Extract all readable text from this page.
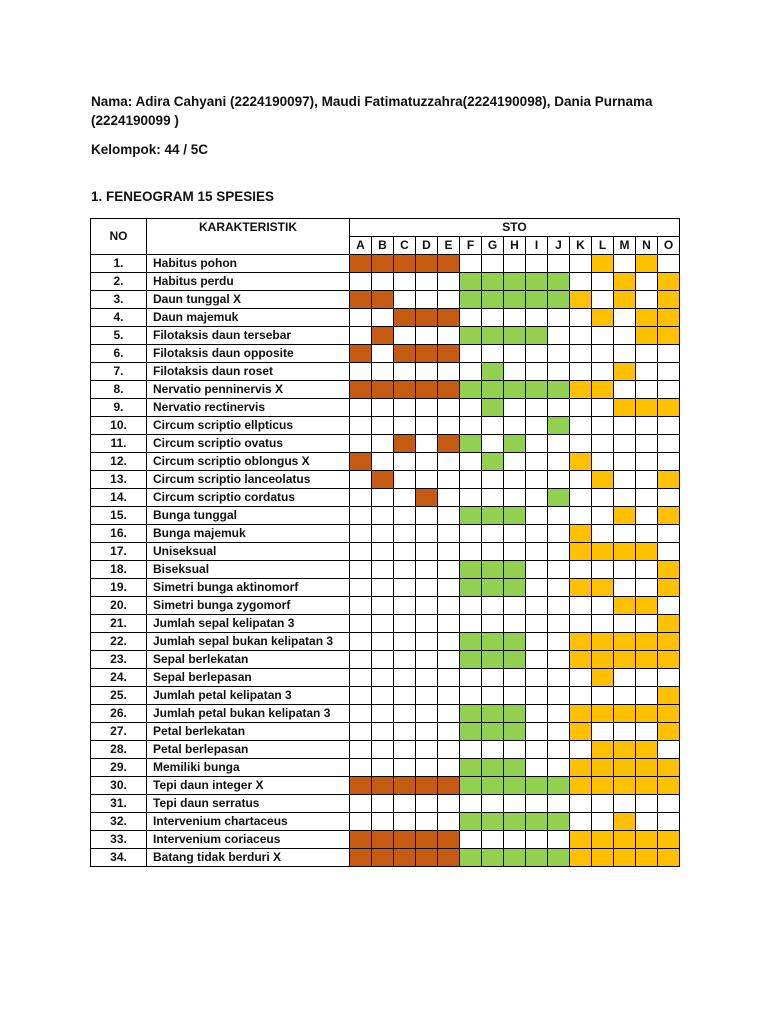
Nama: Adira Cahyani (2224190097), Maudi Fatimatuzzahra(2224190098), Dania Purnama
(2224190099 )
Kelompok: 44 / 5C
1. FENEOGRAM 15 SPESIES
NO	KARAKTERISTIK	STO														
		A	B	C	D	E	F	G	H	I	J	K	L	M	N	O
1.	Habitus pohon															
2.	Habitus perdu															
3.	Daun tunggal X															
4.	Daun majemuk															
5.	Filotaksis daun tersebar															
6.	Filotaksis daun opposite															
7.	Filotaksis daun roset															
8.	Nervatio penninervis X															
9.	Nervatio rectinervis															
10.	Circum scriptio ellpticus															
11.	Circum scriptio ovatus															
12.	Circum scriptio oblongus X															
13.	Circum scriptio lanceolatus															
14.	Circum scriptio cordatus															
15.	Bunga tunggal															
16.	Bunga majemuk															
17.	Uniseksual															
18.	Biseksual															
19.	Simetri bunga aktinomorf															
20.	Simetri bunga zygomorf															
21.	Jumlah sepal kelipatan 3															
22.	Jumlah sepal bukan kelipatan 3															
23.	Sepal berlekatan															
24.	Sepal berlepasan															
25.	Jumlah petal kelipatan 3															
26.	Jumlah petal bukan kelipatan 3															
27.	Petal berlekatan															
28.	Petal berlepasan															
29.	Memiliki bunga															
30.	Tepi daun integer X															
31.	Tepi daun serratus															
32.	Intervenium chartaceus															
33.	Intervenium coriaceus															
34.	Batang tidak berduri X															
